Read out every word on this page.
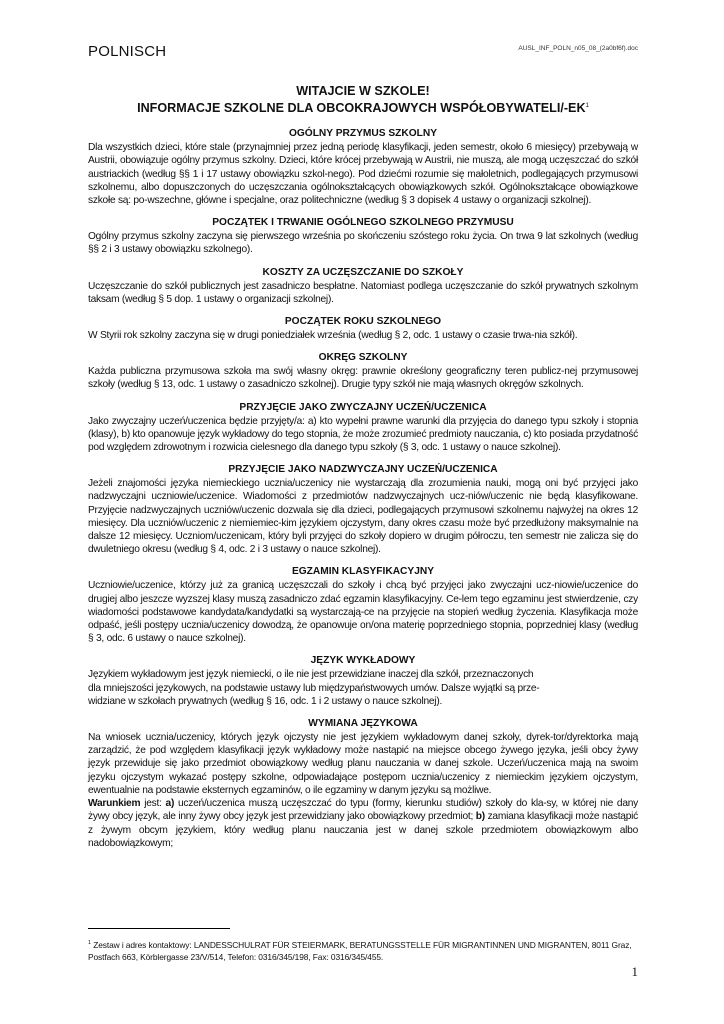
POLNISCH	AUSL_INF_POLN_n05_08_(2a0bf6f).doc

WITAJCIE W SZKOLE!

INFORMACJE SZKOLNE DLA OBCOKRAJOWYCH WSPÓŁOBYWATELI/$-EK^1$

OGÓLNY PRZYMUS SZKOLNY

Dla wszystkich dzieci, które stale (przynajmniej przez jedną periodę klasyfikacji, jeden semestr, około 6 miesięcy) przebywają w Austrii, obowiązuje ogólny przymus szkolny. Dzieci, które krócej przebywają w Austrii, nie muszą, ale mogą uczęszczać do szkół austriackich (według §§ 1 i 17 ustawy obowiązku szkol-nego). Pod dziećmi rozumie się małoletnich, podlegających przymusowi szkolnemu, albo dopuszczonych do uczęszczania ogólnokształcących obowiązkowych szkół. Ogólnokształcące obowiązkowe szkołe są: po-wszechne, główne i specjalne, oraz politechniczne (według § 3 dopisek 4 ustawy o organizacji szkolnej).

POCZĄTEK I TRWANIE OGÓLNEGO SZKOLNEGO PRZYMUSU

Ogólny przymus szkolny zaczyna się pierwszego września po skończeniu szóstego roku życia. On trwa 9 lat szkolnych (według §§ 2 i 3 ustawy obowiązku szkolnego).

KOSZTY ZA UCZĘSZCZANIE DO SZKOŁY

Uczęszczanie do szkół publicznych jest zasadniczo bespłatne. Natomiast podlega uczęszczanie do szkół prywatnych szkolnym taksam (według § 5 dop. 1 ustawy o organizacji szkolnej).

POCZĄTEK ROKU SZKOLNEGO

W Styrii rok szkolny zaczyna się w drugi poniedziałek września (według § 2, odc. 1 ustawy o czasie trwa-nia szkół).

OKRĘG SZKOLNY

Każda publiczna przymusowa szkoła ma swój własny okręg: prawnie określony geograficzny teren publicz-nej przymusowej szkoły (według § 13, odc. 1 ustawy o zasadniczo szkolnej). Drugie typy szkół nie mają własnych okręgów szkolnych.

PRZYJĘCIE JAKO ZWYCZAJNY UCZEŃ/UCZENICA

Jako zwyczajny uczeń/uczenica będzie przyjęty/a: a) kto wypełni prawne warunki dla przyjęcia do danego typu szkoły i stopnia (klasy), b) kto opanowuje język wykładowy do tego stopnia, że może zrozumieć predmioty nauczania, c) kto posiada przydatność pod względem zdrowotnym i rozwicia cielesnego dla danego typu szkoły (§ 3, odc. 1 ustawy o nauce szkolnej).

PRZYJĘCIE JAKO NADZWYCZAJNY UCZEŃ/UCZENICA

Jeżeli znajomości języka niemieckiego ucznia/uczenicy nie wystarczają dla zrozumienia nauki, mogą oni być przyjęci jako nadzwyczajni uczniowie/uczenice. Wiadomości z przedmiotów nadzwyczajnych ucz-niów/uczenic nie będą klasyfikowane. Przyjęcie nadzwyczajnych uczniów/uczenic dozwala się dla dzieci, podlegających przymusowi szkolnemu najwyżej na okres 12 miesięcy. Dla uczniów/uczenic z niemiemiec-kim językiem ojczystym, dany okres czasu może być przedłużony maksymalnie na dalsze 12 miesięcy. Uczniom/uczenicam, który byli przyjęci do szkoły dopiero w drugim półroczu, ten semestr nie zalicza się do dwuletniego okresu (według § 4, odc. 2 i 3 ustawy o nauce szkolnej).

EGZAMIN KLASYFIKACYJNY

Uczniowie/uczenice, którzy już za granicą uczęszczali do szkoły i chcą być przyjęci jako zwyczajni ucz-niowie/uczenice do drugiej albo jeszcze wyzszej klasy muszą zasadniczo zdać egzamin klasyfikacyjny. Ce-lem tego egzaminu jest stwierdzenie, czy wiadomości podstawowe kandydata/kandydatki są wystarczają-ce na przyjęcie na stopień według życzenia. Klasyfikacja może odpaść, jeśli postępy ucznia/uczenicy dowodzą, że opanowuje on/ona materię poprzedniego stopnia, poprzedniej klasy (według § 3, odc. 6 ustawy o nauce szkolnej).

JĘZYK WYKŁADOWY

Językiem wykładowym jest język niemiecki, o ile nie jest przewidziane inaczej dla szkół, przeznaczonych
dla mniejszości językowych, na podstawie ustawy lub międzypaństwowych umów. Dalsze wyjątki są prze-
widziane w szkołach prywatnych (według § 16, odc. 1 i 2 ustawy o nauce szkolnej).

WYMIANA JĘZYKOWA

Na wniosek ucznia/uczenicy, których język ojczysty nie jest językiem wykładowym danej szkoły, dyrek-tor/dyrektorka mają zarządzić, że pod względem klasyfikacji język wykładowy może nastąpić na miejsce obcego żywego języka, jeśli obcy żywy język przewiduje się jako przedmiot obowiązkowy według planu nauczania w danej szkole. Uczeń/uczenica mają na swoim języku ojczystym wykazać postępy szkolne, odpowiadające postępom ucznia/uczenicy z niemieckim językiem ojczystym, ewentualnie na podstawie eksternych egzaminów, o ile egzaminy w danym języku są możliwe.

Warunkiem jest: a) uczeń/uczenica muszą uczęszczać do typu (formy, kierunku studiów) szkoły do kla-sy, w której nie dany żywy obcy język, ale inny żywy obcy język jest przewidziany jako obowiązkowy przedmiot; b) zamiana klasyfikacji może nastąpić z żywym obcym językiem, który według planu nauczania jest w danej szkole przedmiotem obowiązkowym albo nadobowiązkowym;

$^1$ Zestaw i adres kontaktowy: LANDESSCHULRAT FÜR STEIERMARK, BERATUNGSSTELLE FÜR MIGRANTINNEN UND MIGRANTEN, 8011 Graz,
Postfach 663, Körblergasse 23/V/514, Telefon: 0316/345/198, Fax: 0316/345/455.
1
